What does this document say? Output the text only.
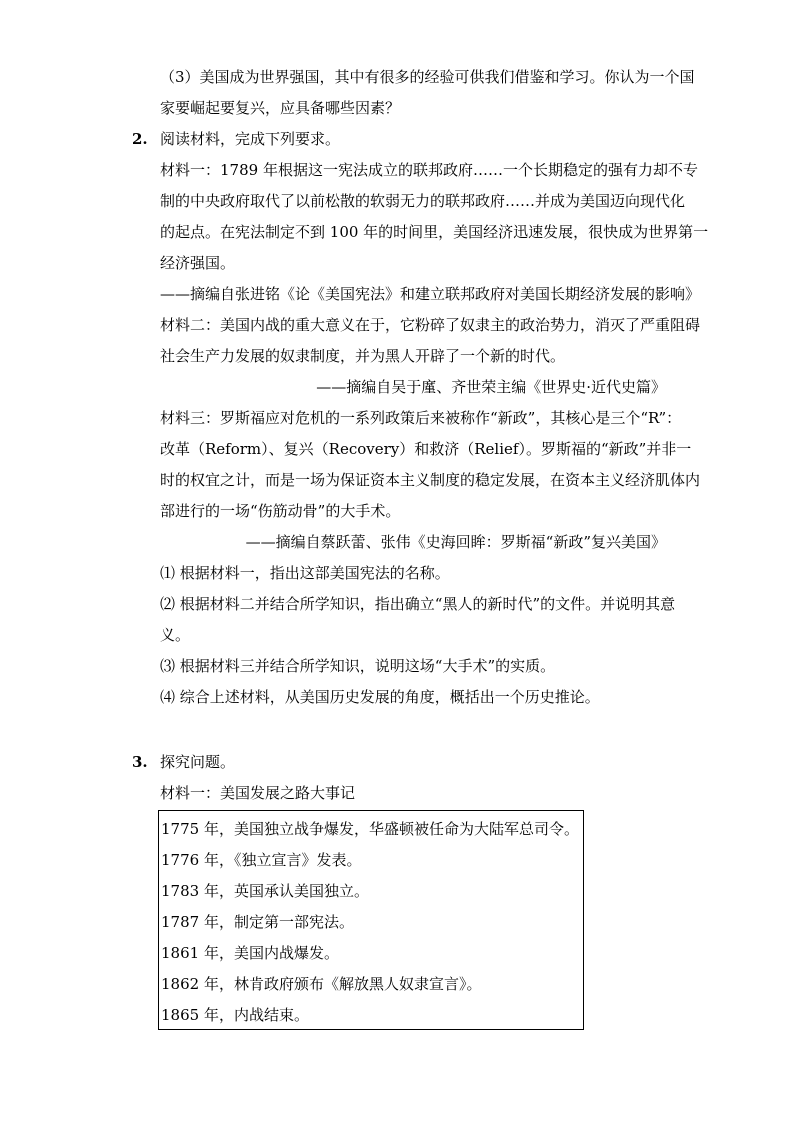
（3）美国成为世界强国，其中有很多的经验可供我们借鉴和学习。你认为一个国
家要崛起要复兴，应具备哪些因素？
2. 阅读材料，完成下列要求。
材料一：1789 年根据这一宪法成立的联邦政府……一个长期稳定的强有力却不专
制的中央政府取代了以前松散的软弱无力的联邦政府……并成为美国迈向现代化
的起点。在宪法制定不到 100 年的时间里，美国经济迅速发展，很快成为世界第一
经济强国。
——摘编自张进铭《论《美国宪法》和建立联邦政府对美国长期经济发展的影响》
材料二：美国内战的重大意义在于，它粉碎了奴隶主的政治势力，消灭了严重阻碍
社会生产力发展的奴隶制度，并为黑人开辟了一个新的时代。
——摘编自吴于廑、齐世荣主编《世界史·近代史篇》
材料三：罗斯福应对危机的一系列政策后来被称作“新政”，其核心是三个“R”：
改革（Reform）、复兴（Recovery）和救济（Relief）。罗斯福的“新政”并非一
时的权宜之计，而是一场为保证资本主义制度的稳定发展，在资本主义经济肌体内
部进行的一场“伤筋动骨”的大手术。
——摘编自蔡跃蕾、张伟《史海回眸：罗斯福“新政”复兴美国》
⑴ 根据材料一，指出这部美国宪法的名称。
⑵ 根据材料二并结合所学知识，指出确立“黑人的新时代”的文件。并说明其意
义。
⑶ 根据材料三并结合所学知识，说明这场“大手术”的实质。
⑷ 综合上述材料，从美国历史发展的角度，概括出一个历史推论。
3. 探究问题。
材料一：美国发展之路大事记
1775 年，美国独立战争爆发，华盛顿被任命为大陆军总司令。
1776 年，《独立宣言》发表。
1783 年，英国承认美国独立。
1787 年，制定第一部宪法。
1861 年，美国内战爆发。
1862 年，林肯政府颁布《解放黑人奴隶宣言》。
1865 年，内战结束。
